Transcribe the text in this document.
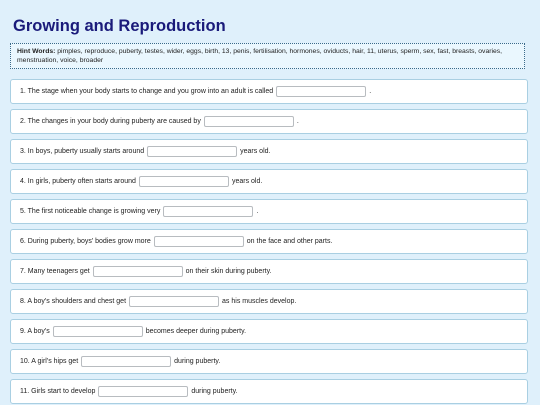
Growing and Reproduction
Hint Words: pimples, reproduce, puberty, testes, wider, eggs, birth, 13, penis, fertilisation, hormones, oviducts, hair, 11, uterus, sperm, sex, fast, breasts, ovaries, menstruation, voice, broader
1. The stage when your body starts to change and you grow into an adult is called	.
2. The changes in your body during puberty are caused by	.
3. In boys, puberty usually starts around	years old.
4. In girls, puberty often starts around	years old.
5. The first noticeable change is growing very	.
6. During puberty, boys' bodies grow more	on the face and other parts.
7. Many teenagers get	on their skin during puberty.
8. A boy's shoulders and chest get	as his muscles develop.
9. A boy's	becomes deeper during puberty.
10. A girl's hips get	during puberty.
11. Girls start to develop	during puberty.
